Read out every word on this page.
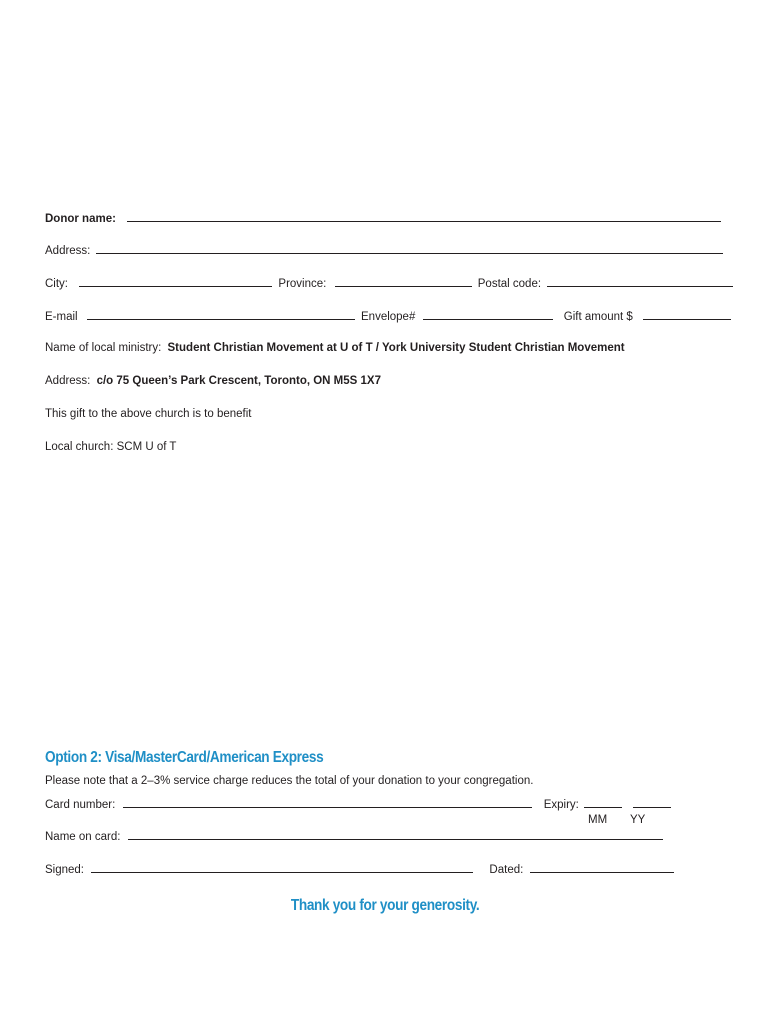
Donor name:
Address:
City:	Province:	Postal code:
E-mail	Envelope#	Gift amount $
Name of local ministry: Student Christian Movement at U of T / York University Student Christian Movement
Address: c/o 75 Queen’s Park Crescent, Toronto, ON M5S 1X7
This gift to the above church is to benefit
Local church: SCM U of T
Option 2: Visa/MasterCard/American Express
Please note that a 2–3% service charge reduces the total of your donation to your congregation.
Card number:	Expiry:
MM YY
Name on card:
Signed:	Dated:
Thank you for your generosity.
